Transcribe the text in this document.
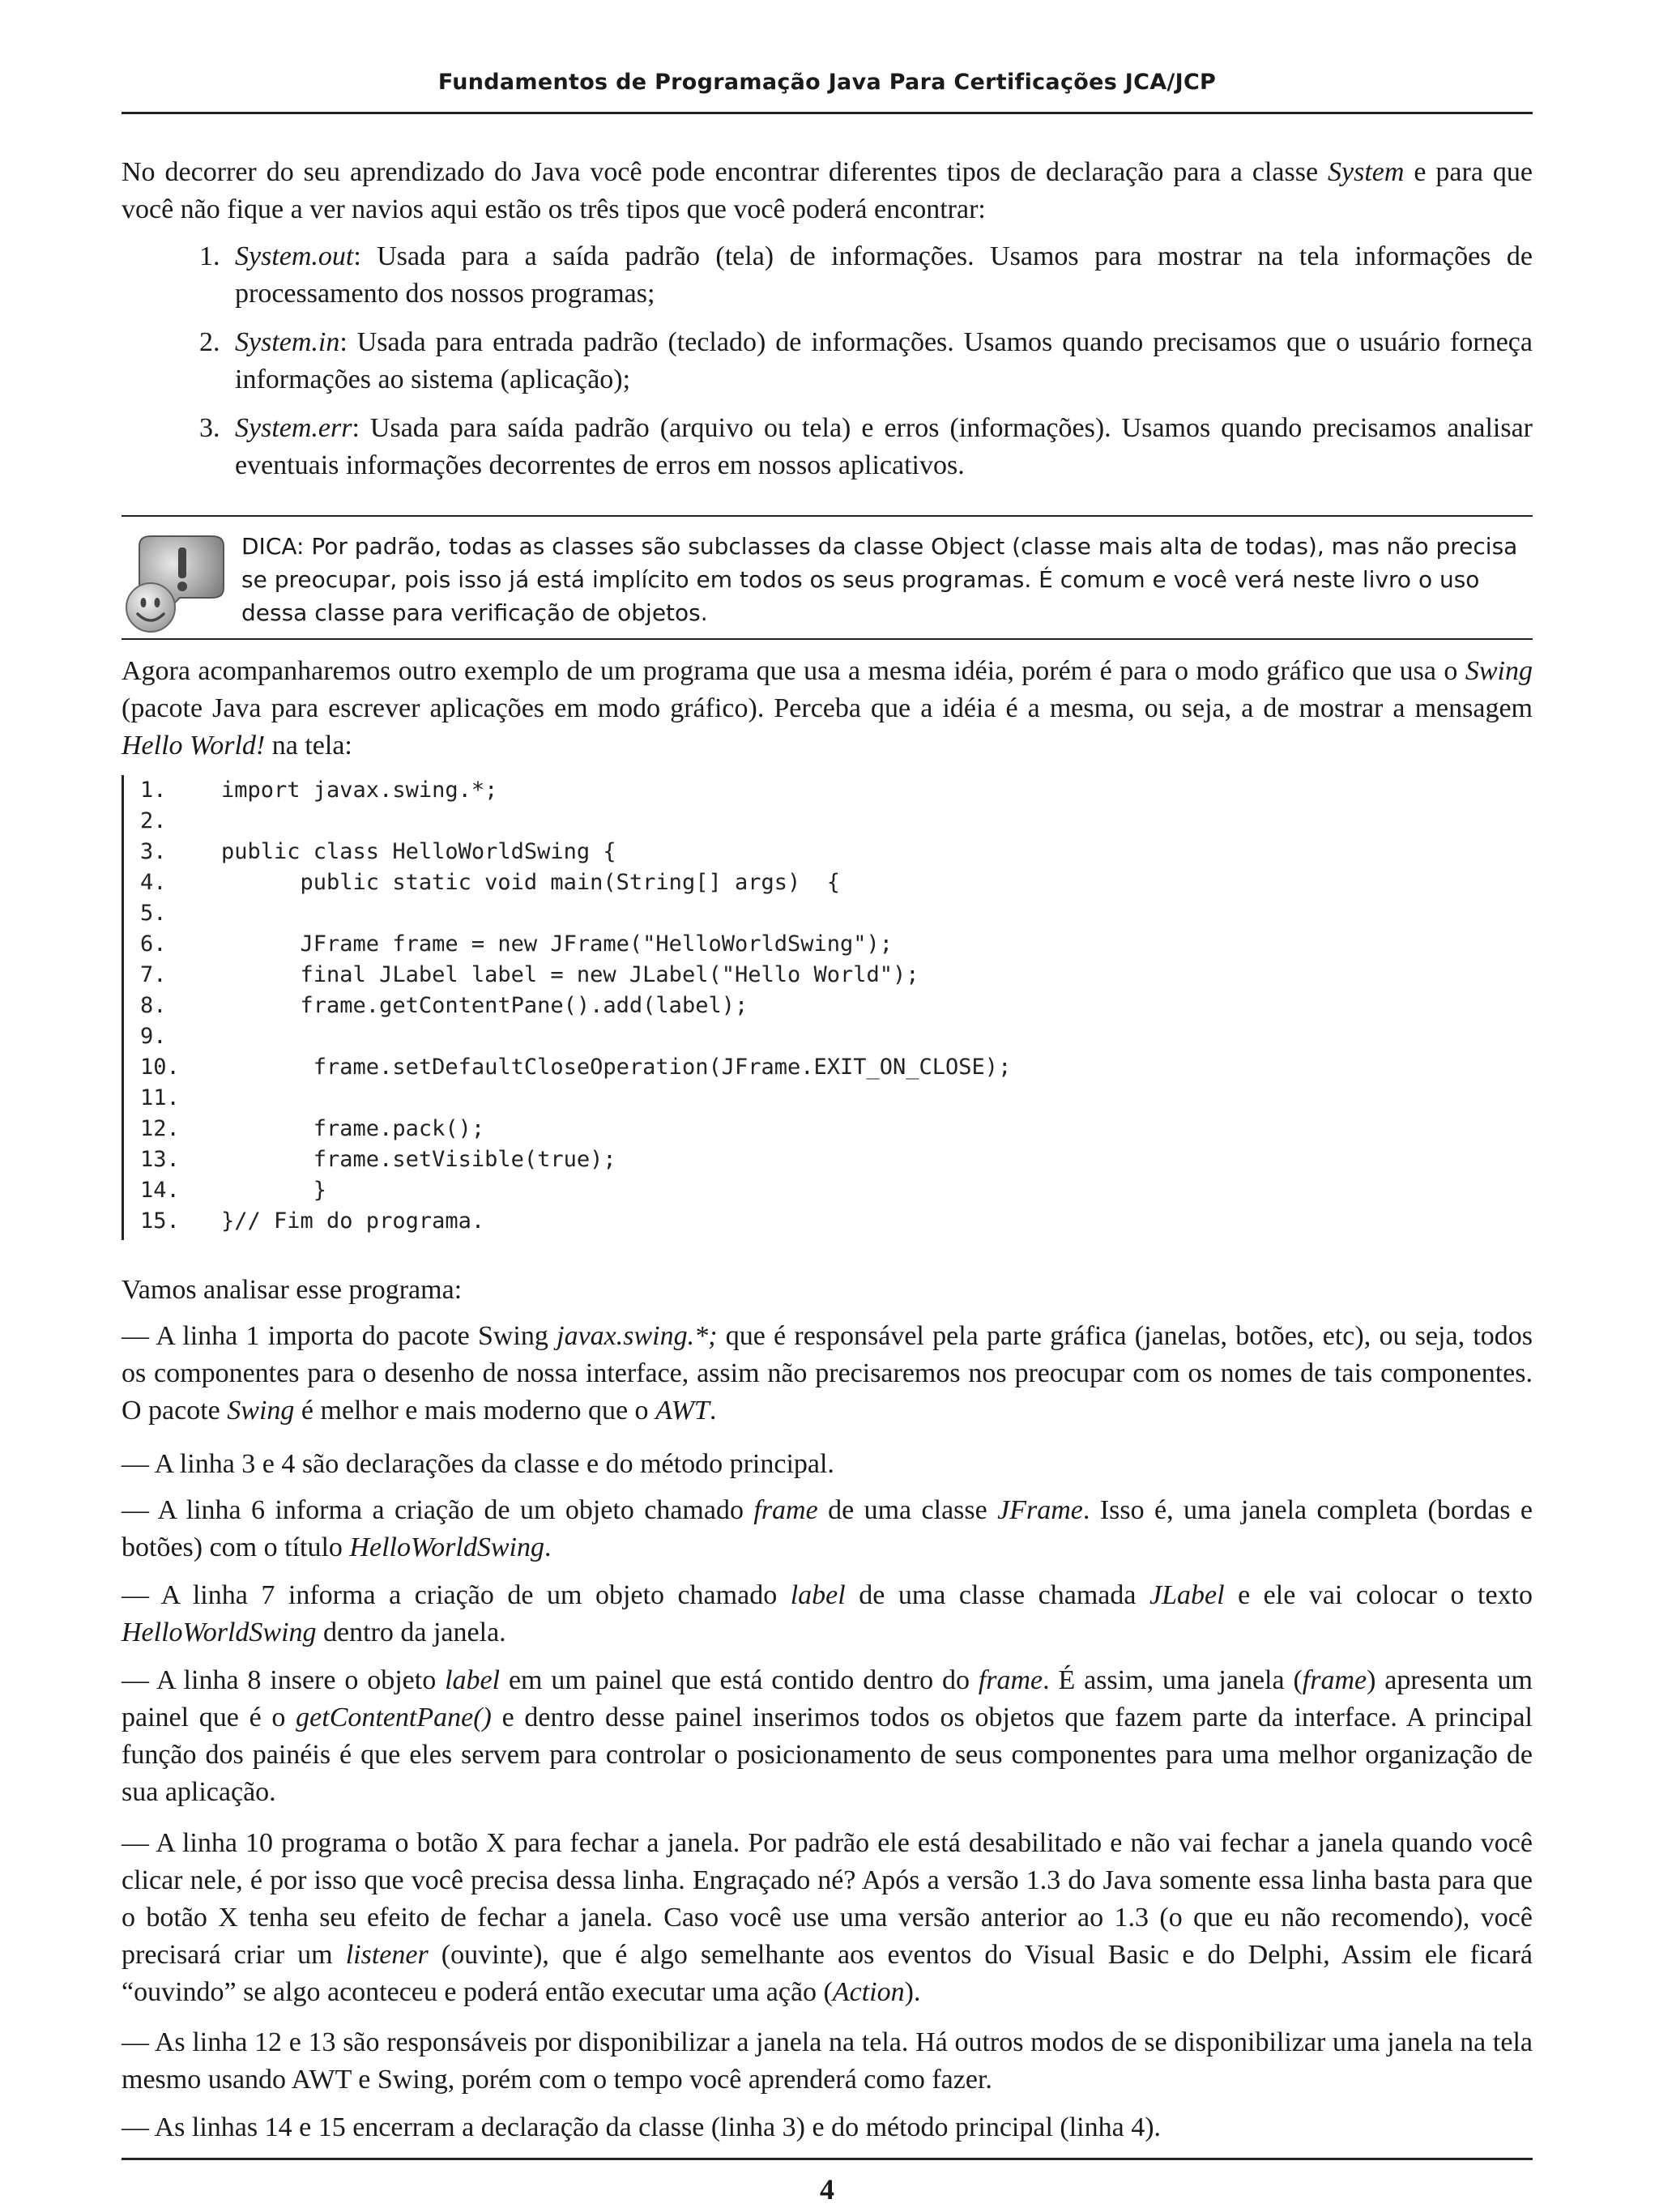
Fundamentos de Programação Java Para Certificações JCA/JCP

No decorrer do seu aprendizado do Java você pode encontrar diferentes tipos de declaração para a classe System e para que você não fique a ver navios aqui estão os três tipos que você poderá encontrar:

1. System.out: Usada para a saída padrão (tela) de informações. Usamos para mostrar na tela informações de processamento dos nossos programas;
2. System.in: Usada para entrada padrão (teclado) de informações. Usamos quando precisamos que o usuário forneça informações ao sistema (aplicação);
3. System.err: Usada para saída padrão (arquivo ou tela) e erros (informações). Usamos quando precisamos analisar eventuais informações decorrentes de erros em nossos aplicativos.
DICA: Por padrão, todas as classes são subclasses da classe Object (classe mais alta de todas), mas não precisa se preocupar, pois isso já está implícito em todos os seus programas. É comum e você verá neste livro o uso dessa classe para verificação de objetos.

Agora acompanharemos outro exemplo de um programa que usa a mesma idéia, porém é para o modo gráfico que usa o Swing (pacote Java para escrever aplicações em modo gráfico). Perceba que a idéia é a mesma, ou seja, a de mostrar a mensagem Hello World! na tela:

1. import javax.swing.*;
2.
3. public class HelloWorldSwing {
4.      public static void main(String[] args)  {
5.
6.      JFrame frame = new JFrame("HelloWorldSwing");
7.      final JLabel label = new JLabel("Hello World");
8.      frame.getContentPane().add(label);
9.
10.       frame.setDefaultCloseOperation(JFrame.EXIT_ON_CLOSE);
11.
12.       frame.pack();
13.       frame.setVisible(true);
14.       }
15. }// Fim do programa.

Vamos analisar esse programa:

— A linha 1 importa do pacote Swing javax.swing.*; que é responsável pela parte gráfica (janelas, botões, etc), ou seja, todos os componentes para o desenho de nossa interface, assim não precisaremos nos preocupar com os nomes de tais componentes. O pacote Swing é melhor e mais moderno que o AWT.

— A linha 3 e 4 são declarações da classe e do método principal.

— A linha 6 informa a criação de um objeto chamado frame de uma classe JFrame. Isso é, uma janela completa (bordas e botões) com o título HelloWorldSwing.

— A linha 7 informa a criação de um objeto chamado label de uma classe chamada JLabel e ele vai colocar o texto HelloWorldSwing dentro da janela.

— A linha 8 insere o objeto label em um painel que está contido dentro do frame. É assim, uma janela (frame) apresenta um painel que é o getContentPane() e dentro desse painel inserimos todos os objetos que fazem parte da interface. A principal função dos painéis é que eles servem para controlar o posicionamento de seus componentes para uma melhor organização de sua aplicação.

— A linha 10 programa o botão X para fechar a janela. Por padrão ele está desabilitado e não vai fechar a janela quando você clicar nele, é por isso que você precisa dessa linha. Engraçado né? Após a versão 1.3 do Java somente essa linha basta para que o botão X tenha seu efeito de fechar a janela. Caso você use uma versão anterior ao 1.3 (o que eu não recomendo), você precisará criar um listener (ouvinte), que é algo semelhante aos eventos do Visual Basic e do Delphi, Assim ele ficará “ouvindo” se algo aconteceu e poderá então executar uma ação (Action).

— As linha 12 e 13 são responsáveis por disponibilizar a janela na tela. Há outros modos de se disponibilizar uma janela na tela mesmo usando AWT e Swing, porém com o tempo você aprenderá como fazer.

— As linhas 14 e 15 encerram a declaração da classe (linha 3) e do método principal (linha 4).

4
